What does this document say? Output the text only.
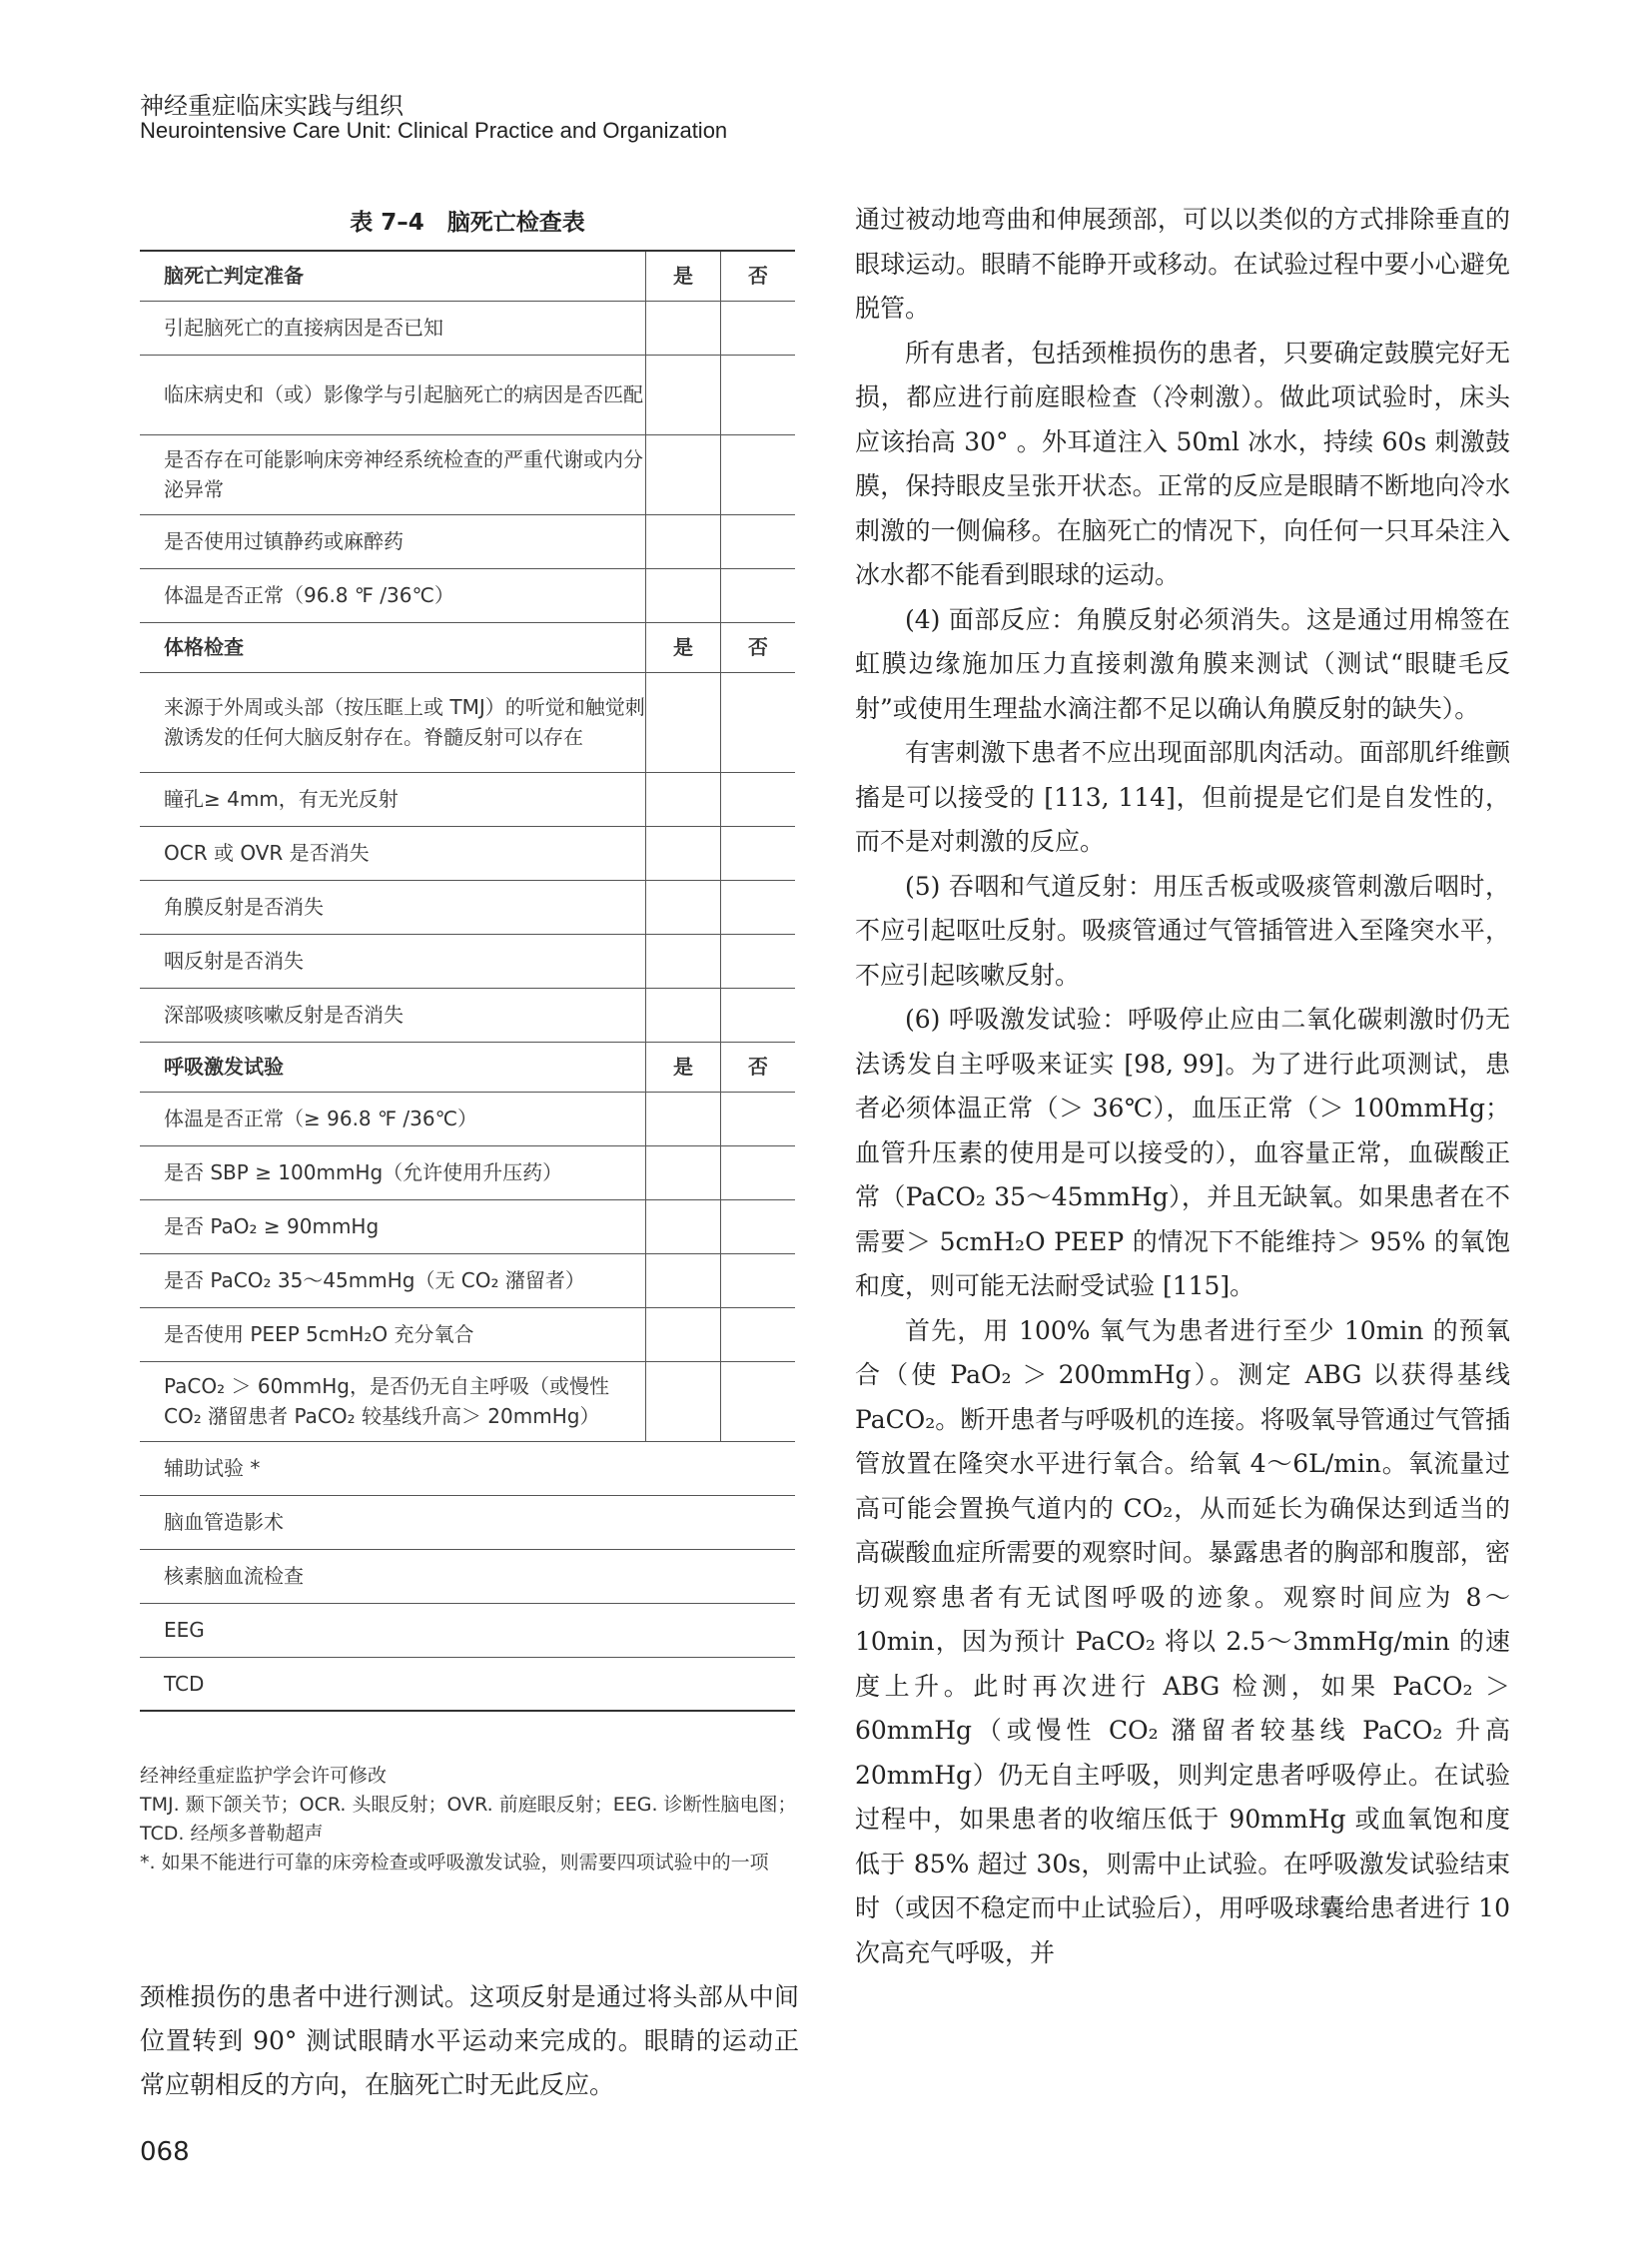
神经重症临床实践与组织
Neurointensive Care Unit: Clinical Practice and Organization
表 7–4　脑死亡检查表
脑死亡判定准备	是	否
引起脑死亡的直接病因是否已知		
临床病史和（或）影像学与引起脑死亡的病因是否匹配		
是否存在可能影响床旁神经系统检查的严重代谢或内分泌异常		
是否使用过镇静药或麻醉药		
体温是否正常（96.8 ℉ /36℃）		
体格检查	是	否
来源于外周或头部（按压眶上或 TMJ）的听觉和触觉刺激诱发的任何大脑反射存在。脊髓反射可以存在		
瞳孔≥ 4mm，有无光反射		
OCR 或 OVR 是否消失		
角膜反射是否消失		
咽反射是否消失		
深部吸痰咳嗽反射是否消失		
呼吸激发试验	是	否
体温是否正常（≥ 96.8 ℉ /36℃）		
是否 SBP ≥ 100mmHg（允许使用升压药）		
是否 PaO₂ ≥ 90mmHg		
是否 PaCO₂ 35～45mmHg（无 CO₂ 潴留者）		
是否使用 PEEP 5cmH₂O 充分氧合		
PaCO₂ ＞ 60mmHg，是否仍无自主呼吸（或慢性 CO₂ 潴留患者 PaCO₂ 较基线升高＞ 20mmHg）		
辅助试验 *		
脑血管造影术		
核素脑血流检查		
EEG		
TCD		

经神经重症监护学会许可修改

TMJ. 颞下颌关节；OCR. 头眼反射；OVR. 前庭眼反射；EEG. 诊断性脑电图；TCD. 经颅多普勒超声

*. 如果不能进行可靠的床旁检查或呼吸激发试验，则需要四项试验中的一项

颈椎损伤的患者中进行测试。这项反射是通过将头部从中间位置转到 90° 测试眼睛水平运动来完成的。眼睛的运动正常应朝相反的方向，在脑死亡时无此反应。

通过被动地弯曲和伸展颈部，可以以类似的方式排除垂直的眼球运动。眼睛不能睁开或移动。在试验过程中要小心避免脱管。

所有患者，包括颈椎损伤的患者，只要确定鼓膜完好无损，都应进行前庭眼检查（冷刺激）。做此项试验时，床头应该抬高 30° 。外耳道注入 50ml 冰水，持续 60s 刺激鼓膜，保持眼皮呈张开状态。正常的反应是眼睛不断地向冷水刺激的一侧偏移。在脑死亡的情况下，向任何一只耳朵注入冰水都不能看到眼球的运动。

(4) 面部反应：角膜反射必须消失。这是通过用棉签在虹膜边缘施加压力直接刺激角膜来测试（测试“眼睫毛反射”或使用生理盐水滴注都不足以确认角膜反射的缺失）。

有害刺激下患者不应出现面部肌肉活动。面部肌纤维颤搐是可以接受的 [113, 114]，但前提是它们是自发性的，而不是对刺激的反应。

(5) 吞咽和气道反射：用压舌板或吸痰管刺激后咽时，不应引起呕吐反射。吸痰管通过气管插管进入至隆突水平，不应引起咳嗽反射。

(6) 呼吸激发试验：呼吸停止应由二氧化碳刺激时仍无法诱发自主呼吸来证实 [98, 99]。为了进行此项测试，患者必须体温正常（＞ 36℃），血压正常（＞ 100mmHg；血管升压素的使用是可以接受的），血容量正常，血碳酸正常（PaCO₂ 35～45mmHg），并且无缺氧。如果患者在不需要＞ 5cmH₂O PEEP 的情况下不能维持＞ 95% 的氧饱和度，则可能无法耐受试验 [115]。

首先，用 100% 氧气为患者进行至少 10min 的预氧合（使 PaO₂ ＞ 200mmHg）。测定 ABG 以获得基线 PaCO₂。断开患者与呼吸机的连接。将吸氧导管通过气管插管放置在隆突水平进行氧合。给氧 4～6L/min。氧流量过高可能会置换气道内的 CO₂，从而延长为确保达到适当的高碳酸血症所需要的观察时间。暴露患者的胸部和腹部，密切观察患者有无试图呼吸的迹象。观察时间应为 8～10min，因为预计 PaCO₂ 将以 2.5～3mmHg/min 的速度上升。此时再次进行 ABG 检测，如果 PaCO₂ ＞ 60mmHg（或慢性 CO₂ 潴留者较基线 PaCO₂ 升高 20mmHg）仍无自主呼吸，则判定患者呼吸停止。在试验过程中，如果患者的收缩压低于 90mmHg 或血氧饱和度低于 85% 超过 30s，则需中止试验。在呼吸激发试验结束时（或因不稳定而中止试验后），用呼吸球囊给患者进行 10 次高充气呼吸，并

068
